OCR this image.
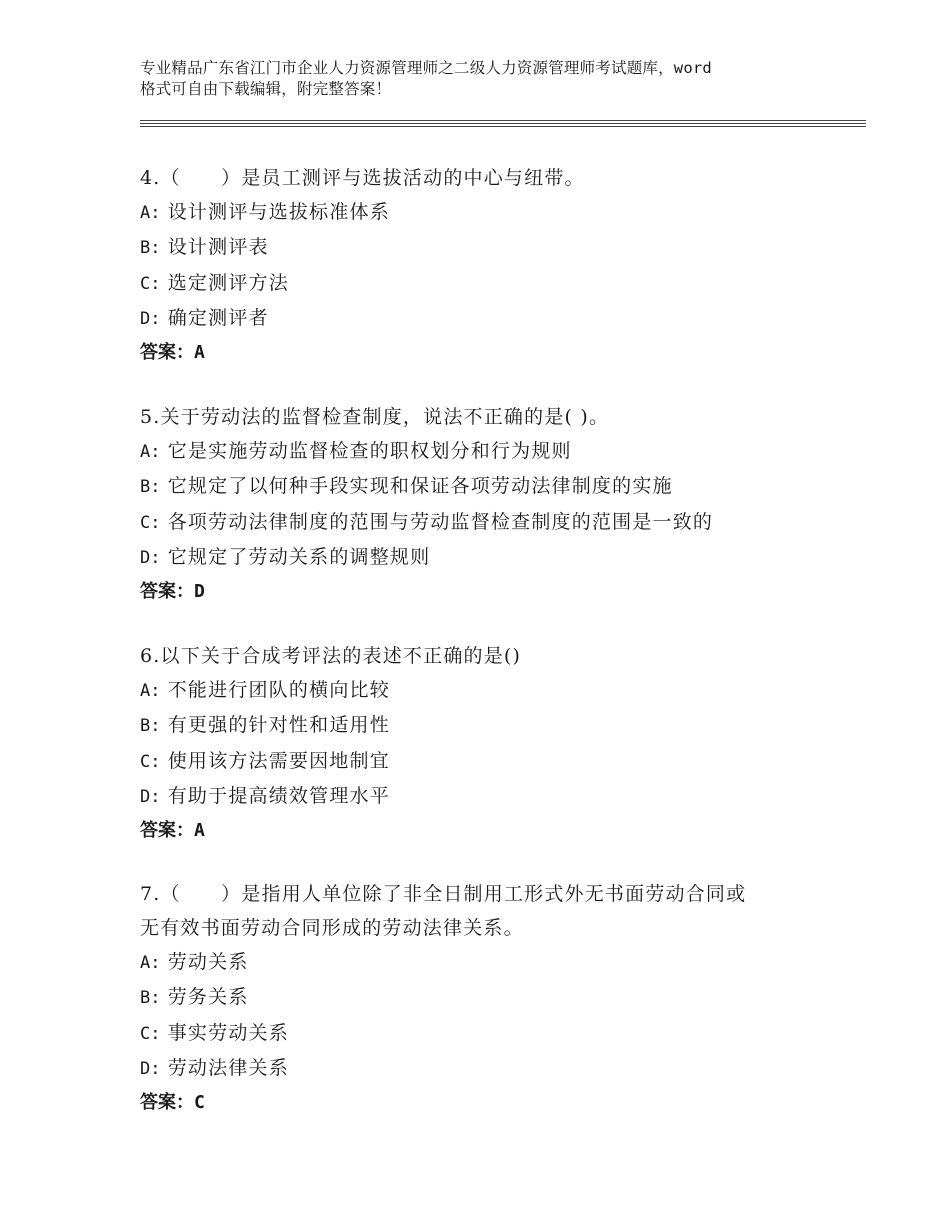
专业精品广东省江门市企业人力资源管理师之二级人力资源管理师考试题库，word
格式可自由下载编辑，附完整答案！
4.（　　）是员工测评与选拔活动的中心与纽带。
A: 设计测评与选拔标准体系
B: 设计测评表
C: 选定测评方法
D: 确定测评者
答案：A
5.关于劳动法的监督检查制度，说法不正确的是( )。
A: 它是实施劳动监督检查的职权划分和行为规则
B: 它规定了以何种手段实现和保证各项劳动法律制度的实施
C: 各项劳动法律制度的范围与劳动监督检查制度的范围是一致的
D: 它规定了劳动关系的调整规则
答案：D
6.以下关于合成考评法的表述不正确的是()
A: 不能进行团队的横向比较
B: 有更强的针对性和适用性
C: 使用该方法需要因地制宜
D: 有助于提高绩效管理水平
答案：A
7.（　　）是指用人单位除了非全日制用工形式外无书面劳动合同或
无有效书面劳动合同形成的劳动法律关系。
A: 劳动关系
B: 劳务关系
C: 事实劳动关系
D: 劳动法律关系
答案：C
